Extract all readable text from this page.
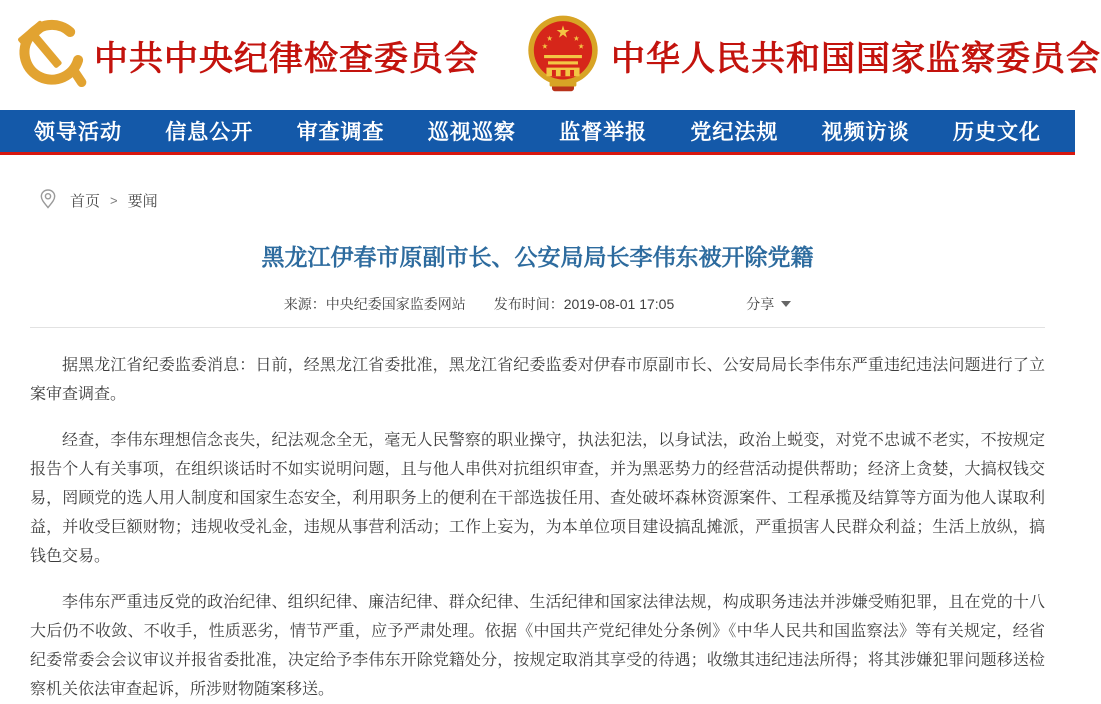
中共中央纪律检查委员会	中华人民共和国国家监察委员会
领导活动 信息公开 审查调查 巡视巡察 监督举报 党纪法规 视频访谈 历史文化
首页 > 要闻
黑龙江伊春市原副市长、公安局局长李伟东被开除党籍
来源：中央纪委国家监委网站 发布时间：2019-08-01 17:05	分享

据黑龙江省纪委监委消息：日前，经黑龙江省委批准，黑龙江省纪委监委对伊春市原副市长、公安局局长李伟东严重违纪违法问题进行了立案审查调查。

经查，李伟东理想信念丧失，纪法观念全无，毫无人民警察的职业操守，执法犯法，以身试法，政治上蜕变，对党不忠诚不老实，不按规定报告个人有关事项，在组织谈话时不如实说明问题，且与他人串供对抗组织审查，并为黑恶势力的经营活动提供帮助；经济上贪婪，大搞权钱交易，罔顾党的选人用人制度和国家生态安全，利用职务上的便利在干部选拔任用、查处破坏森林资源案件、工程承揽及结算等方面为他人谋取利益，并收受巨额财物；违规收受礼金，违规从事营利活动；工作上妄为，为本单位项目建设搞乱摊派，严重损害人民群众利益；生活上放纵，搞钱色交易。

李伟东严重违反党的政治纪律、组织纪律、廉洁纪律、群众纪律、生活纪律和国家法律法规，构成职务违法并涉嫌受贿犯罪，且在党的十八大后仍不收敛、不收手，性质恶劣，情节严重，应予严肃处理。依据《中国共产党纪律处分条例》《中华人民共和国监察法》等有关规定，经省纪委常委会会议审议并报省委批准，决定给予李伟东开除党籍处分，按规定取消其享受的待遇；收缴其违纪违法所得；将其涉嫌犯罪问题移送检察机关依法审查起诉，所涉财物随案移送。
